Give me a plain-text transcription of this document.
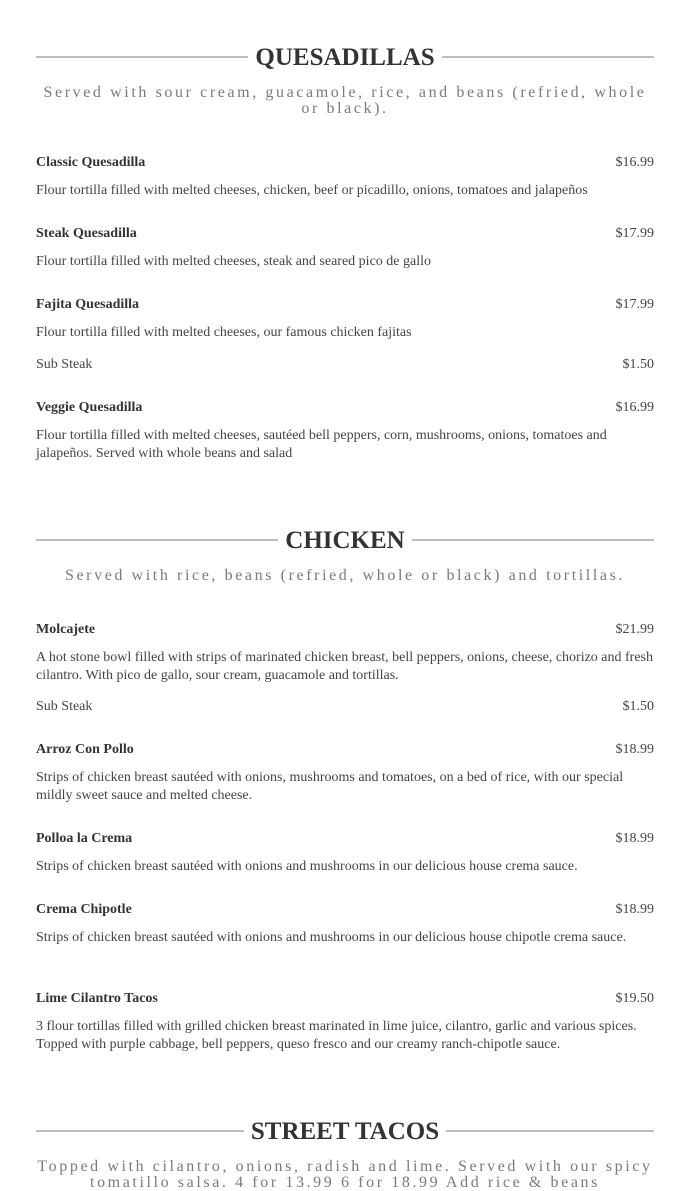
QUESADILLAS
Served with sour cream, guacamole, rice, and beans (refried, whole or black).
Classic Quesadilla	$16.99
Flour tortilla filled with melted cheeses, chicken, beef or picadillo, onions, tomatoes and jalapeños
Steak Quesadilla	$17.99
Flour tortilla filled with melted cheeses, steak and seared pico de gallo
Fajita Quesadilla	$17.99
Flour tortilla filled with melted cheeses, our famous chicken fajitas
Sub Steak	$1.50
Veggie Quesadilla	$16.99
Flour tortilla filled with melted cheeses, sautéed bell peppers, corn, mushrooms, onions, tomatoes and jalapeños. Served with whole beans and salad
CHICKEN
Served with rice, beans (refried, whole or black) and tortillas.
Molcajete	$21.99
A hot stone bowl filled with strips of marinated chicken breast, bell peppers, onions, cheese, chorizo and fresh cilantro. With pico de gallo, sour cream, guacamole and tortillas.
Sub Steak	$1.50
Arroz Con Pollo	$18.99
Strips of chicken breast sautéed with onions, mushrooms and tomatoes, on a bed of rice, with our special mildly sweet sauce and melted cheese.
Polloa la Crema	$18.99
Strips of chicken breast sautéed with onions and mushrooms in our delicious house crema sauce.
Crema Chipotle	$18.99
Strips of chicken breast sautéed with onions and mushrooms in our delicious house chipotle crema sauce.
Lime Cilantro Tacos	$19.50
3 flour tortillas filled with grilled chicken breast marinated in lime juice, cilantro, garlic and various spices. Topped with purple cabbage, bell peppers, queso fresco and our creamy ranch-chipotle sauce.
STREET TACOS
Topped with cilantro, onions, radish and lime. Served with our spicy tomatillo salsa. 4 for 13.99 6 for 18.99 Add rice & beans
